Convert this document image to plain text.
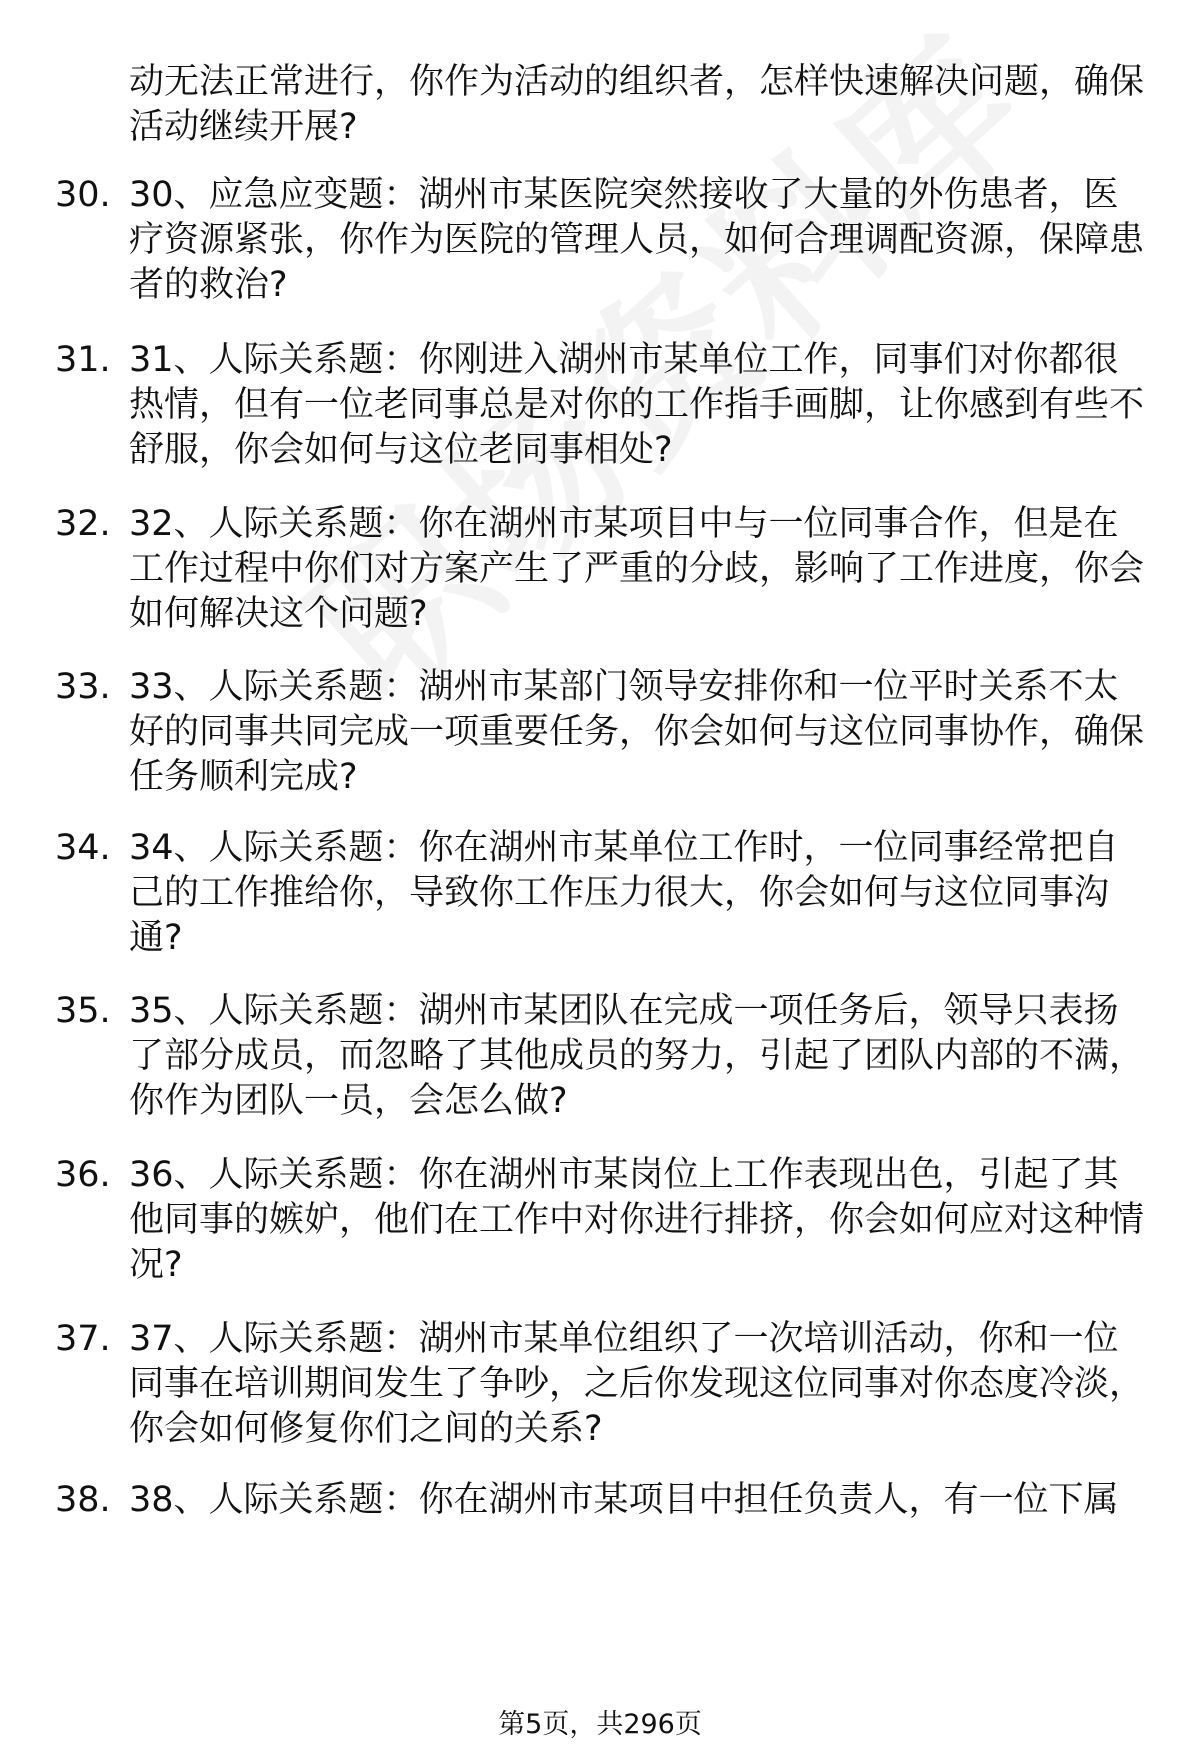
动无法正常进行，你作为活动的组织者，怎样快速解决问题，确保活动继续开展?
30. 30、应急应变题：湖州市某医院突然接收了大量的外伤患者，医疗资源紧张，你作为医院的管理人员，如何合理调配资源，保障患者的救治?
31. 31、人际关系题：你刚进入湖州市某单位工作，同事们对你都很热情，但有一位老同事总是对你的工作指手画脚，让你感到有些不舒服，你会如何与这位老同事相处?
32. 32、人际关系题：你在湖州市某项目中与一位同事合作，但是在工作过程中你们对方案产生了严重的分歧，影响了工作进度，你会如何解决这个问题?
33. 33、人际关系题：湖州市某部门领导安排你和一位平时关系不太好的同事共同完成一项重要任务，你会如何与这位同事协作，确保任务顺利完成?
34. 34、人际关系题：你在湖州市某单位工作时，一位同事经常把自己的工作推给你，导致你工作压力很大，你会如何与这位同事沟通?
35. 35、人际关系题：湖州市某团队在完成一项任务后，领导只表扬了部分成员，而忽略了其他成员的努力，引起了团队内部的不满，你作为团队一员，会怎么做?
36. 36、人际关系题：你在湖州市某岗位上工作表现出色，引起了其他同事的嫉妒，他们在工作中对你进行排挤，你会如何应对这种情况?
37. 37、人际关系题：湖州市某单位组织了一次培训活动，你和一位同事在培训期间发生了争吵，之后你发现这位同事对你态度冷淡，你会如何修复你们之间的关系?
38. 38、人际关系题：你在湖州市某项目中担任负责人，有一位下属
第5页，共296页
